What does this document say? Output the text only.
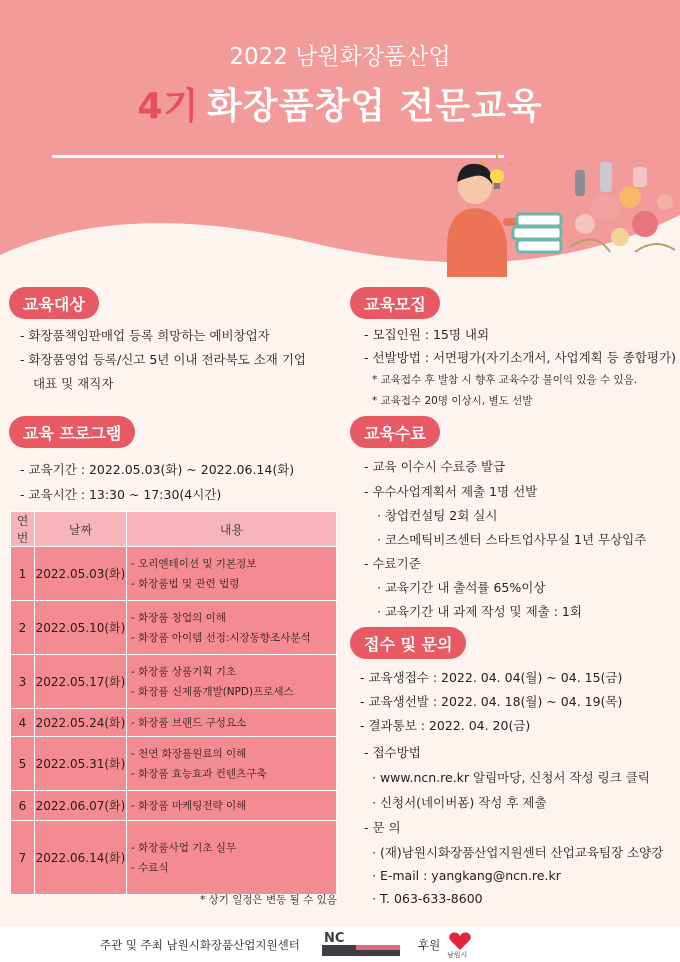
2022 남원화장품산업
4기 화장품창업 전문교육
교육대상
- 화장품책임판매업 등록 희망하는 예비창업자
- 화장품영업 등록/신고 5년 이내 전라북도 소재 기업
대표 및 재직자
교육 프로그램
- 교육기간 : 2022.05.03(화) ~ 2022.06.14(화)
- 교육시간 : 13:30 ~ 17:30(4시간)
연번	날짜	내용
1	2022.05.03(화)	- 오리엔테이션 및 기본정보
- 화장품법 및 관련 법령

2	2022.05.10(화)	- 화장품 창업의 이해
- 화장품 아이템 선정:시장동향조사분석

3	2022.05.17(화)	- 화장품 상품기획 기초
- 화장품 신제품개발(NPD)프로세스

4	2022.05.24(화)	- 화장품 브랜드 구성요소

5	2022.05.31(화)	- 천연 화장품원료의 이해
- 화장품 효능효과 컨텐츠구축

6	2022.06.07(화)	- 화장품 마케팅전략 이해

7	2022.06.14(화)	- 화장품사업 기초 실무
- 수료식
* 상기 일정은 변동 될 수 있음
교육모집
- 모집인원 : 15명 내외
- 선발방법 : 서면평가(자기소개서, 사업계획 등 종합평가)
* 교육접수 후 발참 시 향후 교육수강 불이익 있을 수 있음.
* 교육접수 20명 이상시, 별도 선발
교육수료
- 교육 이수시 수료증 발급
- 우수사업계획서 제출 1명 선발
· 창업컨설팅 2회 실시
· 코스메틱비즈센터 스타트업사무실 1년 무상입주
- 수료기준
· 교육기간 내 출석률 65%이상
· 교육기간 내 과제 작성 및 제출 : 1회
접수 및 문의
- 교육생접수 : 2022. 04. 04(월) ~ 04. 15(금)
- 교육생선발 : 2022. 04. 18(월) ~ 04. 19(목)
- 결과통보 : 2022. 04. 20(금)
- 접수방법
· www.ncn.re.kr 알림마당, 신청서 작성 링크 클릭
· 신청서(네이버폼) 작성 후 제출
- 문 의
· (재)남원시화장품산업지원센터 산업교육팀장 소양강
· E-mail : yangkang@ncn.re.kr
· T. 063-633-8600
주관 및 주최 남원시화장품산업지원센터 NC	후원
남원시
